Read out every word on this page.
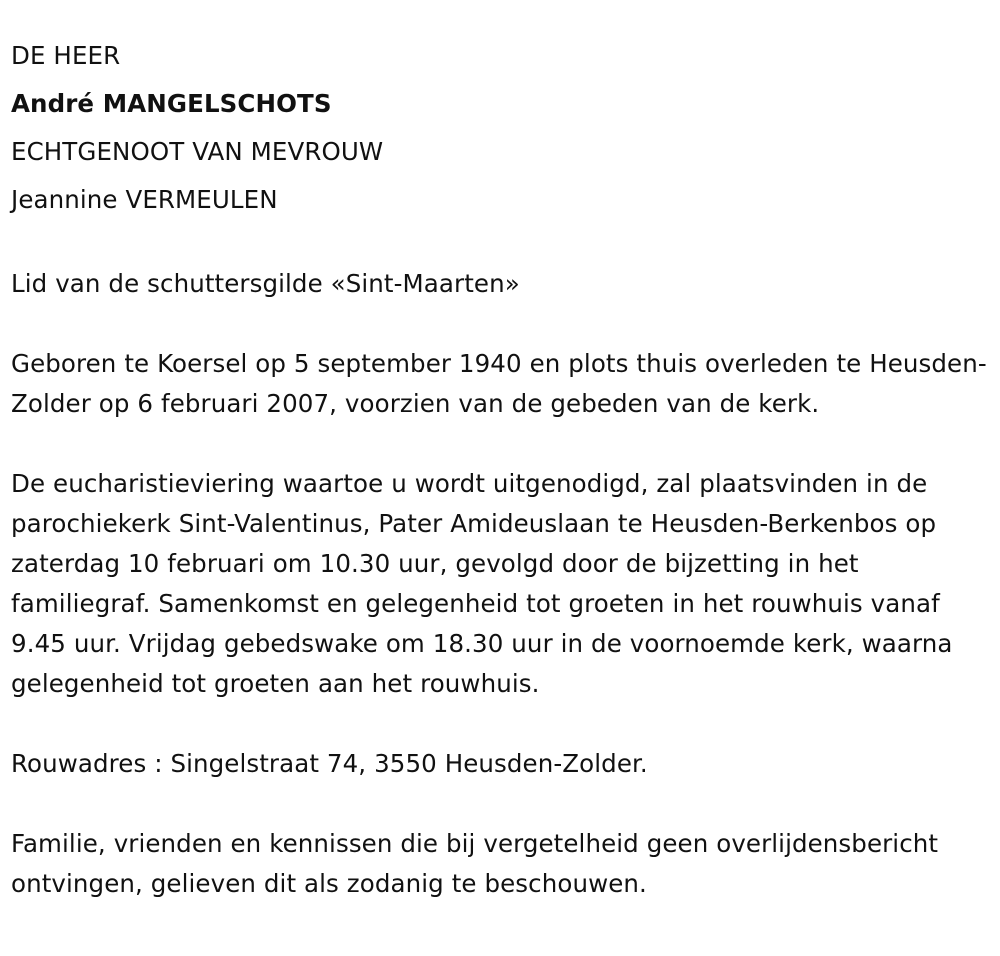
DE HEER
André MANGELSCHOTS
ECHTGENOOT VAN MEVROUW
Jeannine VERMEULEN

Lid van de schuttersgilde «Sint-Maarten»

Geboren te Koersel op 5 september 1940 en plots thuis overleden te Heusden-Zolder op 6 februari 2007, voorzien van de gebeden van de kerk.

De eucharistieviering waartoe u wordt uitgenodigd, zal plaatsvinden in de parochiekerk Sint-Valentinus, Pater Amideuslaan te Heusden-Berkenbos op zaterdag 10 februari om 10.30 uur, gevolgd door de bijzetting in het familiegraf. Samenkomst en gelegenheid tot groeten in het rouwhuis vanaf 9.45 uur. Vrijdag gebedswake om 18.30 uur in de voornoemde kerk, waarna gelegenheid tot groeten aan het rouwhuis.

Rouwadres : Singelstraat 74, 3550 Heusden-Zolder.

Familie, vrienden en kennissen die bij vergetelheid geen overlijdensbericht ontvingen, gelieven dit als zodanig te beschouwen.
